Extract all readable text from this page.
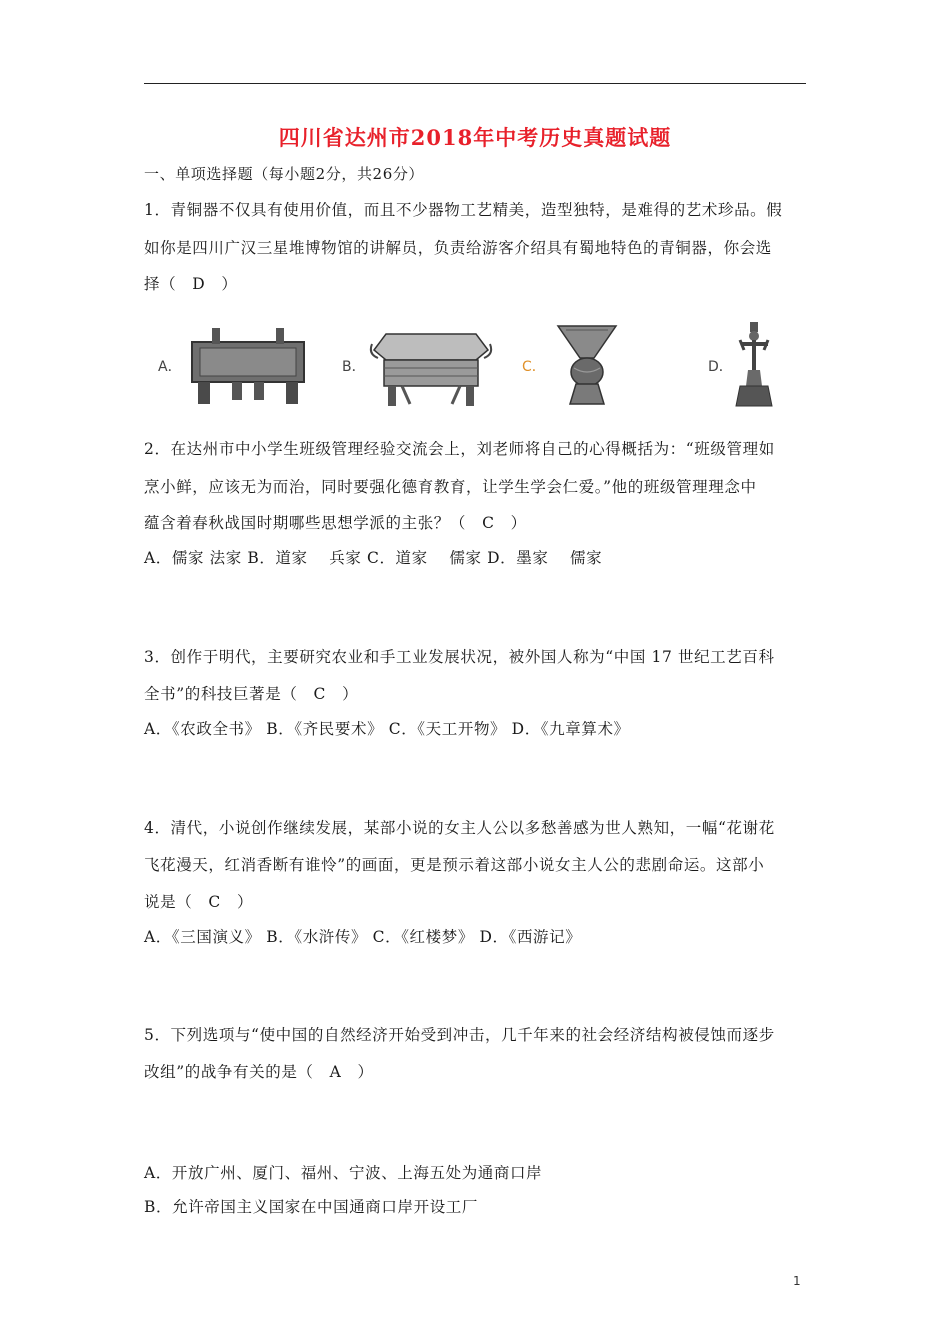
四川省达州市2018年中考历史真题试题
一、单项选择题（每小题2分，共26分）
1．青铜器不仅具有使用价值，而且不少器物工艺精美，造型独特，是难得的艺术珍品。假
如你是四川广汉三星堆博物馆的讲解员，负责给游客介绍具有蜀地特色的青铜器，你会选
择（　D　）
A．	B．	C．	D．
2．在达州市中小学生班级管理经验交流会上，刘老师将自己的心得概括为：“班级管理如
烹小鲜，应该无为而治，同时要强化德育教育，让学生学会仁爱。”他的班级管理理念中
蕴含着春秋战国时期哪些思想学派的主张？（　C　）
A．儒家 法家 B．道家　 兵家 C．道家　 儒家 D．墨家　 儒家
3．创作于明代，主要研究农业和手工业发展状况，被外国人称为“中国 17 世纪工艺百科
全书”的科技巨著是（　C　）
A．《农政全书》 B．《齐民要术》 C．《天工开物》 D．《九章算术》
4．清代，小说创作继续发展，某部小说的女主人公以多愁善感为世人熟知，一幅“花谢花
飞花漫天，红消香断有谁怜”的画面，更是预示着这部小说女主人公的悲剧命运。这部小
说是（　C　）
A．《三国演义》 B．《水浒传》 C．《红楼梦》 D．《西游记》
5．下列选项与“使中国的自然经济开始受到冲击，几千年来的社会经济结构被侵蚀而逐步
改组”的战争有关的是（　A　）
A．开放广州、厦门、福州、宁波、上海五处为通商口岸
B．允许帝国主义国家在中国通商口岸开设工厂
1
